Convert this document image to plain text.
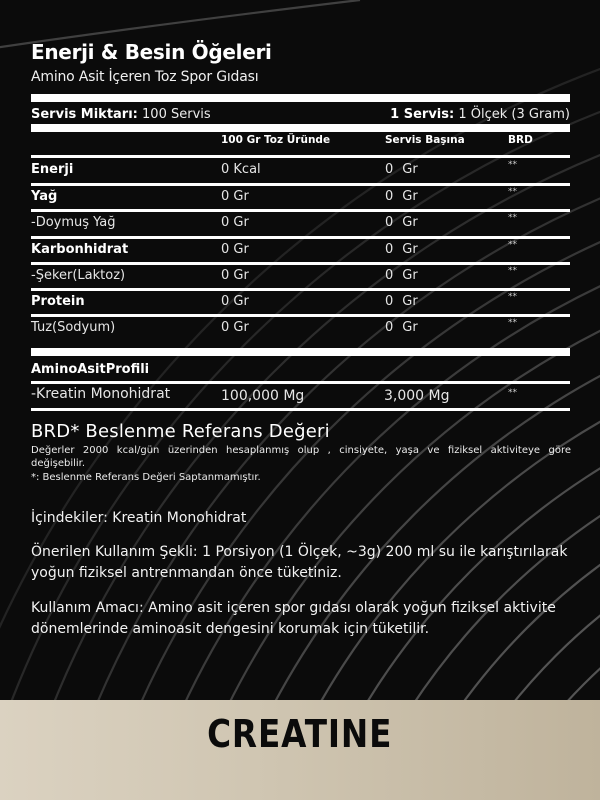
Enerji & Besin Öğeleri
Amino Asit İçeren Toz Spor Gıdası
Servis Miktarı: 100 Servis	1 Servis: 1 Ölçek (3 Gram)
100 Gr Toz Üründe	Servis Başına	BRD
Enerji	0 Kcal	0 Gr	**
Yağ	0 Gr	0 Gr	**
-Doymuş Yağ	0 Gr	0 Gr	**
Karbonhidrat	0 Gr	0 Gr	**
-Şeker(Laktoz)	0 Gr	0 Gr	**
Protein	0 Gr	0 Gr	**
Tuz(Sodyum)	0 Gr	0 Gr	**
AminoAsitProfili
-Kreatin Monohidrat	100,000 Mg	3,000 Mg	**
BRD* Beslenme Referans Değeri
Değerler 2000 kcal/gün üzerinden hesaplanmış olup , cinsiyete, yaşa ve fiziksel aktiviteye göre değişebilir.
*: Beslenme Referans Değeri Saptanmamıştır.
İçindekiler: Kreatin Monohidrat
Önerilen Kullanım Şekli: 1 Porsiyon (1 Ölçek, ~3g) 200 ml su ile karıştırılarak yoğun fiziksel antrenmandan önce tüketiniz.
Kullanım Amacı: Amino asit içeren spor gıdası olarak yoğun fiziksel aktivite dönemlerinde aminoasit dengesini korumak için tüketilir.
CREATINE
